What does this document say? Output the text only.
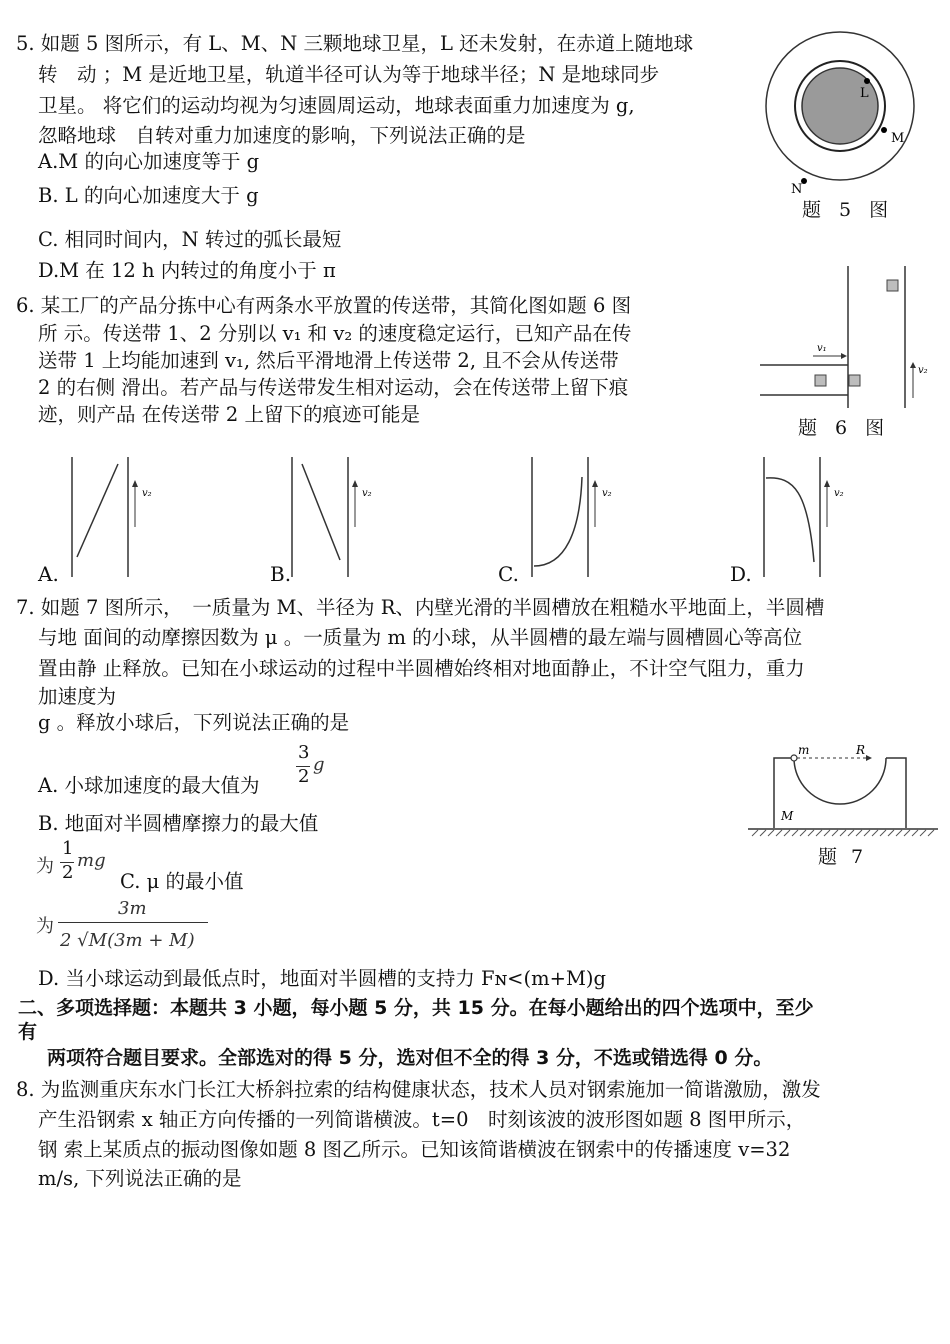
5. 如题 5 图所示，有 L、M、N 三颗地球卫星，L 还未发射，在赤道上随地球
转　动 ；M 是近地卫星，轨道半径可认为等于地球半径；N 是地球同步
卫星。 将它们的运动均视为匀速圆周运动，地球表面重力加速度为 g,
忽略地球　自转对重力加速度的影响，下列说法正确的是
A.M 的向心加速度等于 g
B. L 的向心加速度大于 g
C. 相同时间内，N 转过的弧长最短
D.M 在 12 h 内转过的角度小于 π
L
M
N
题 5 图
6. 某工厂的产品分拣中心有两条水平放置的传送带，其简化图如题 6 图
所 示。传送带 1、2 分别以 v₁ 和 v₂ 的速度稳定运行，已知产品在传
送带 1 上均能加速到 v₁, 然后平滑地滑上传送带 2, 且不会从传送带
2 的右侧 滑出。若产品与传送带发生相对运动，会在传送带上留下痕
迹，则产品 在传送带 2 上留下的痕迹可能是
v₁
v₂
题 6 图
v₂
A.
v₂
B.
v₂
C.
v₂
D.
7. 如题 7 图所示，　一质量为 M、半径为 R、内壁光滑的半圆槽放在粗糙水平地面上，半圆槽
与地 面间的动摩擦因数为 μ 。一质量为 m 的小球，从半圆槽的最左端与圆槽圆心等高位
置由静 止释放。已知在小球运动的过程中半圆槽始终相对地面静止，不计空气阻力，重力
加速度为
g 。释放小球后，下列说法正确的是
A. 小球加速度的最大值为
3
2
g
B. 地面对半圆槽摩擦力的最大值
为
1
2
mg
C. μ 的最小值
为
3m
2 √M(3m + M)
D. 当小球运动到最低点时，地面对半圆槽的支持力 Fɴ<(m+M)g
m	R
M
题 7
二、多项选择题：本题共 3 小题，每小题 5 分，共 15 分。在每小题给出的四个选项中，至少
有
　两项符合题目要求。全部选对的得 5 分，选对但不全的得 3 分，不选或错选得 0 分。
8. 为监测重庆东水门长江大桥斜拉索的结构健康状态，技术人员对钢索施加一简谐激励，激发
产生沿钢索 x 轴正方向传播的一列简谐横波。t=0　时刻该波的波形图如题 8 图甲所示，
钢 索上某质点的振动图像如题 8 图乙所示。已知该简谐横波在钢索中的传播速度 v=32
m/s, 下列说法正确的是
